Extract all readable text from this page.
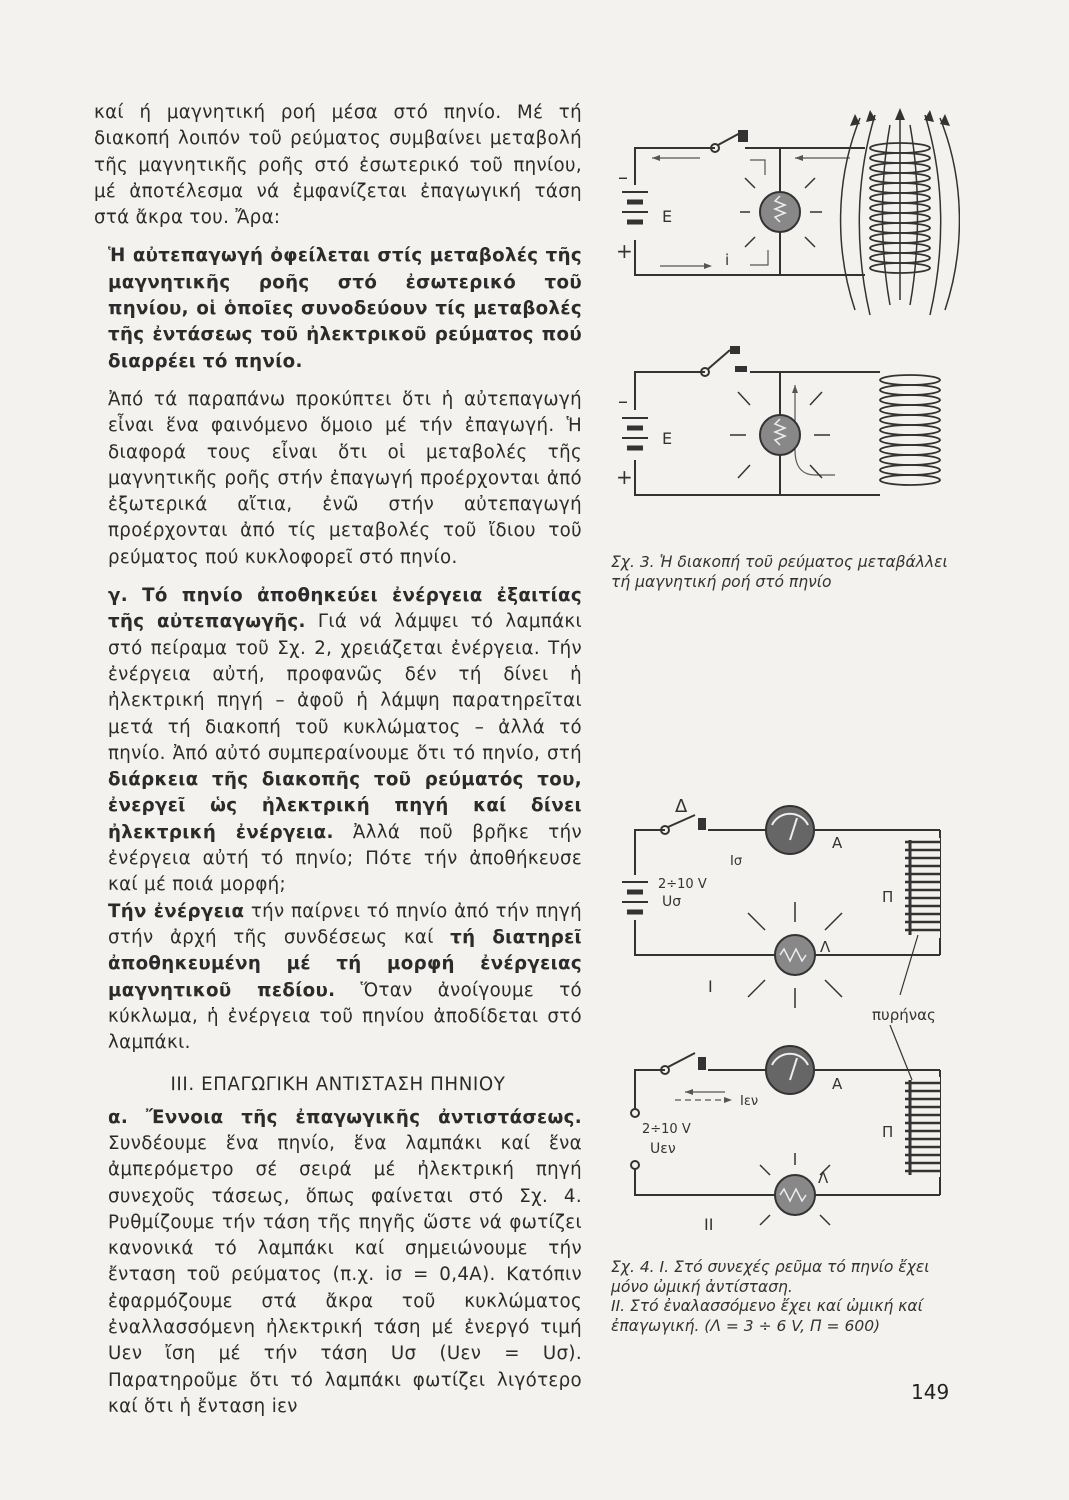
καί ή μαγνητική ροή μέσα στό πηνίο. Μέ τή διακοπή λοιπόν τοῦ ρεύματος συμβαίνει μεταβολή τῆς μαγνητικῆς ροῆς στό ἐσωτερικό τοῦ πηνίου, μέ ἀποτέλεσμα νά ἐμφανίζεται ἐπαγωγική τάση στά ἄκρα του. Ἄρα:

Ἡ αὐτεπαγωγή ὀφείλεται στίς μεταβολές τῆς μαγνητικῆς ροῆς στό ἐσωτερικό τοῦ πηνίου, οἱ ὁποῖες συνοδεύουν τίς μεταβολές τῆς ἐντάσεως τοῦ ἠλεκτρικοῦ ρεύματος πού διαρρέει τό πηνίο.

Ἀπό τά παραπάνω προκύπτει ὅτι ἡ αὐτεπαγωγή εἶναι ἕνα φαινόμενο ὅμοιο μέ τήν ἐπαγωγή. Ἡ διαφορά τους εἶναι ὅτι οἱ μεταβολές τῆς μαγνητικῆς ροῆς στήν ἐπαγωγή προέρχονται ἀπό ἐξωτερικά αἴτια, ἐνῶ στήν αὐτεπαγωγή προέρχονται ἀπό τίς μεταβολές τοῦ ἴδιου τοῦ ρεύματος πού κυκλοφορεῖ στό πηνίο.

γ. Τό πηνίο ἀποθηκεύει ἐνέργεια ἐξαιτίας τῆς αὐτεπαγωγῆς. Γιά νά λάμψει τό λαμπάκι στό πείραμα τοῦ Σχ. 2, χρειάζεται ἐνέργεια. Τήν ἐνέργεια αὐτή, προφανῶς δέν τή δίνει ἡ ἠλεκτρική πηγή – ἀφοῦ ἡ λάμψη παρατηρεῖται μετά τή διακοπή τοῦ κυκλώματος – ἀλλά τό πηνίο. Ἀπό αὐτό συμπεραίνουμε ὅτι τό πηνίο, στή διάρκεια τῆς διακοπῆς τοῦ ρεύματός του, ἐνεργεῖ ὡς ἠλεκτρική πηγή καί δίνει ἠλεκτρική ἐνέργεια. Ἀλλά ποῦ βρῆκε τήν ἐνέργεια αὐτή τό πηνίο; Πότε τήν ἀποθήκευσε καί μέ ποιά μορφή;

Τήν ἐνέργεια τήν παίρνει τό πηνίο ἀπό τήν πηγή στήν ἀρχή τῆς συνδέσεως καί τή διατηρεῖ ἀποθηκευμένη μέ τή μορφή ἐνέργειας μαγνητικοῦ πεδίου. Ὅταν ἀνοίγουμε τό κύκλωμα, ἡ ἐνέργεια τοῦ πηνίου ἀποδίδεται στό λαμπάκι.

ΙΙΙ. ΕΠΑΓΩΓΙΚΗ ΑΝΤΙΣΤΑΣΗ ΠΗΝΙΟΥ

α. Ἔννοια τῆς ἐπαγωγικῆς ἀντιστάσεως. Συνδέουμε ἕνα πηνίο, ἕνα λαμπάκι καί ἕνα ἀμπερόμετρο σέ σειρά μέ ἠλεκτρική πηγή συνεχοῦς τάσεως, ὅπως φαίνεται στό Σχ. 4. Ρυθμίζουμε τήν τάση τῆς πηγῆς ὥστε νά φωτίζει κανονικά τό λαμπάκι καί σημειώνουμε τήν ἔνταση τοῦ ρεύματος (π.χ. iσ = 0,4A). Κατόπιν ἐφαρμόζουμε στά ἄκρα τοῦ κυκλώματος ἐναλλασσόμενη ἠλεκτρική τάση μέ ἐνεργό τιμή Uεν ἴση μέ τήν τάση Uσ (Uεν = Uσ). Παρατηροῦμε ὅτι τό λαμπάκι φωτίζει λιγότερο καί ὅτι ἡ ἔνταση iεν

–
E
+	i
–
E
+
Σχ. 3. Ἡ διακοπή τοῦ ρεύματος μεταβάλλει τή μαγνητική ροή στό πηνίο
Δ
2÷10 V
Uσ
Α
Iσ
Λ
I
Π
πυρήνας
2÷10 V
Uεν
Iεν
Α
Λ
II
Π
Σχ. 4. I. Στό συνεχές ρεῦμα τό πηνίο ἔχει μόνο ὠμική ἀντίσταση.
II. Στό ἐναλασσόμενο ἔχει καί ὠμική καί ἐπαγωγική. (Λ = 3 ÷ 6 V, Π = 600)
149
